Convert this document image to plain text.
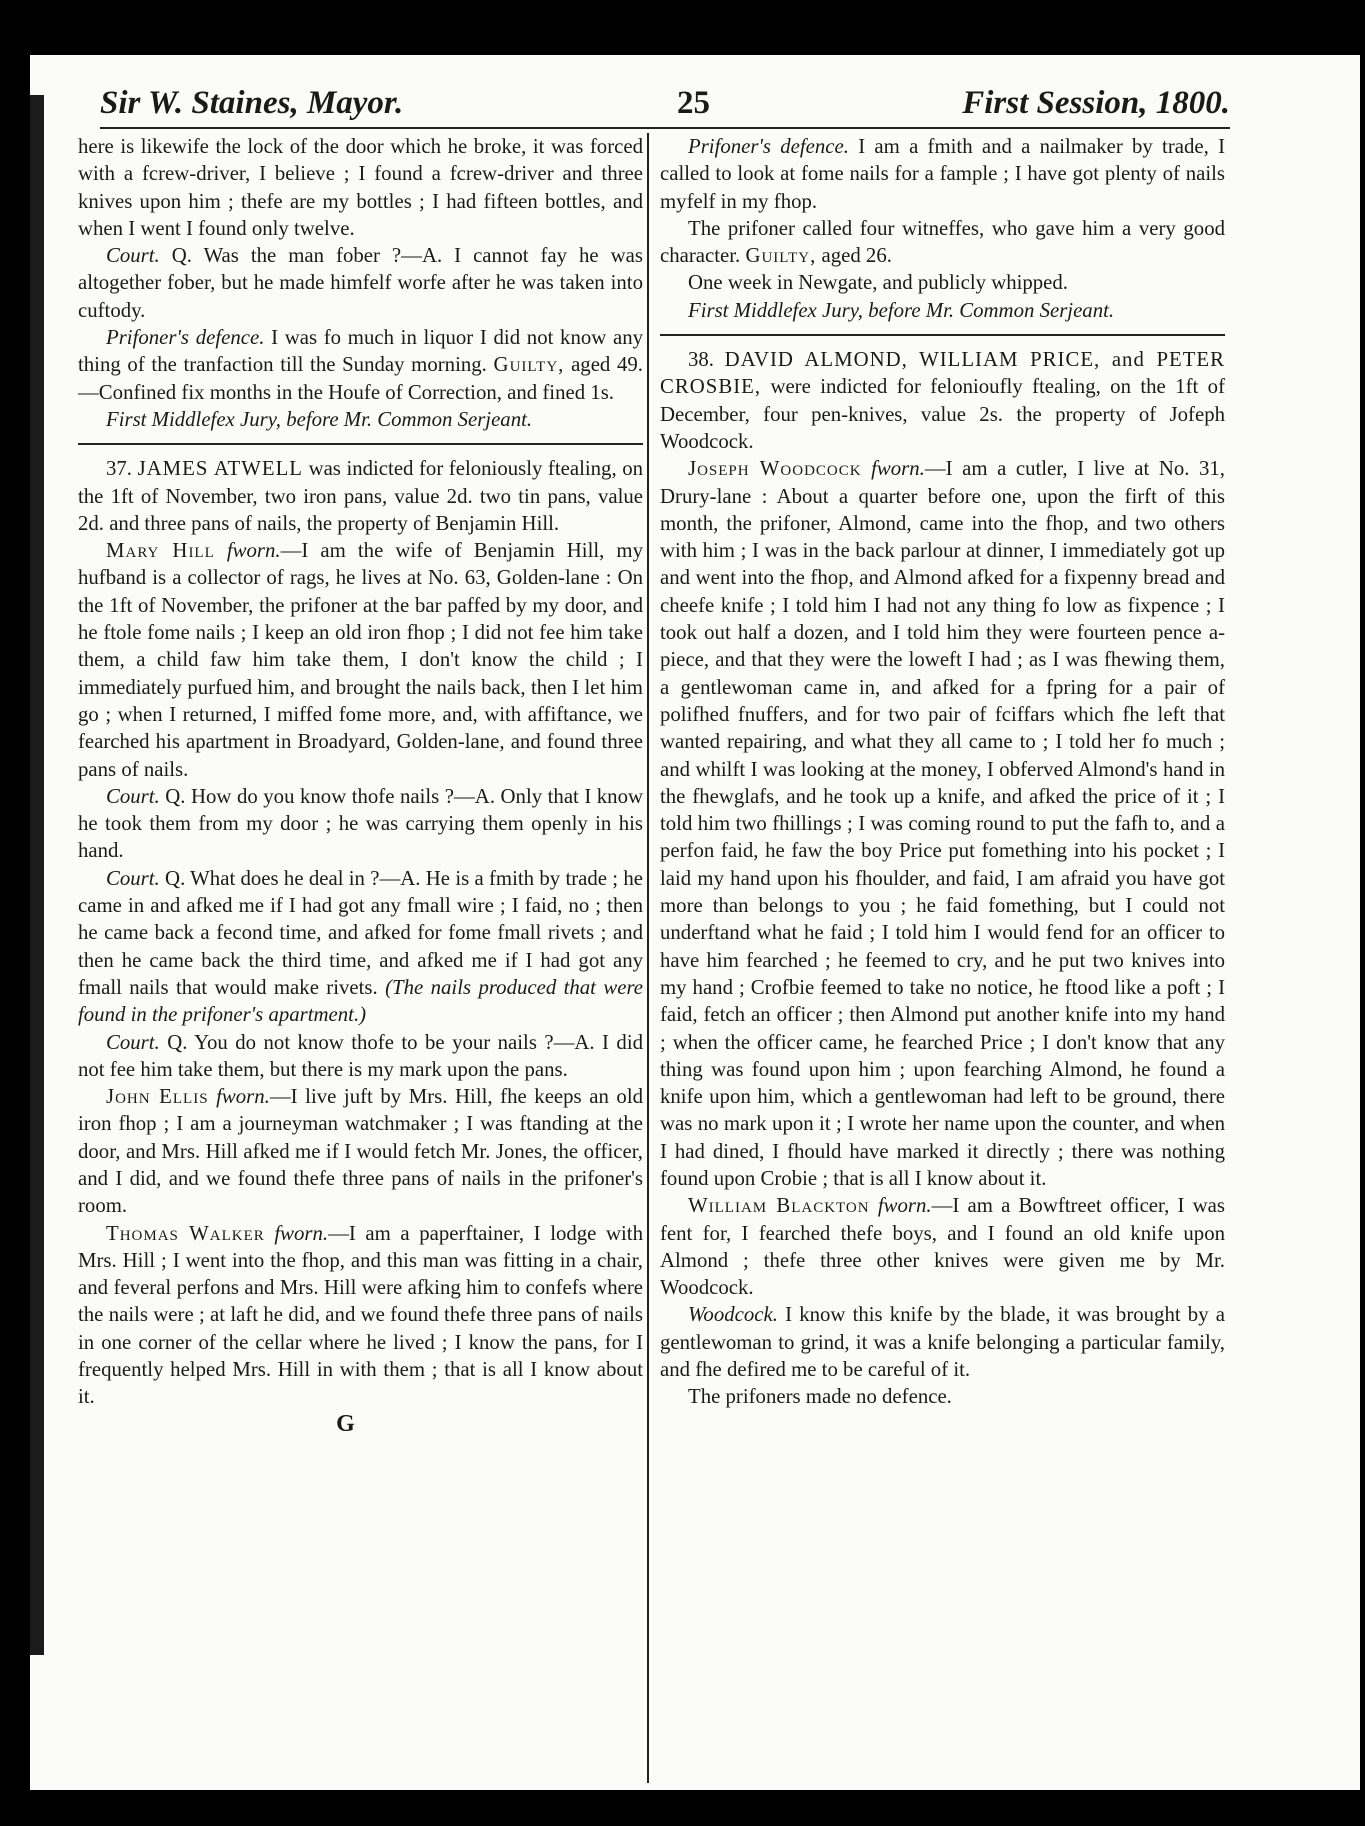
Sir W. Staines, Mayor.	25	First Session, 1800.

here is likewife the lock of the door which he broke, it was forced with a fcrew-driver, I believe ; I found a fcrew-driver and three knives upon him ; thefe are my bottles ; I had fifteen bottles, and when I went I found only twelve.

Court. Q. Was the man fober ?—A. I cannot fay he was altogether fober, but he made himfelf worfe after he was taken into cuftody.

Prifoner's defence. I was fo much in liquor I did not know any thing of the tranfaction till the Sunday morning. Guilty, aged 49.—Confined fix months in the Houfe of Correction, and fined 1s.

First Middlefex Jury, before Mr. Common Serjeant.

37. JAMES ATWELL was indicted for feloniously ftealing, on the 1ft of November, two iron pans, value 2d. two tin pans, value 2d. and three pans of nails, the property of Benjamin Hill.

Mary Hill fworn.—I am the wife of Benjamin Hill, my hufband is a collector of rags, he lives at No. 63, Golden-lane : On the 1ft of November, the prifoner at the bar paffed by my door, and he ftole fome nails ; I keep an old iron fhop ; I did not fee him take them, a child faw him take them, I don't know the child ; I immediately purfued him, and brought the nails back, then I let him go ; when I returned, I miffed fome more, and, with affiftance, we fearched his apartment in Broadyard, Golden-lane, and found three pans of nails.

Court. Q. How do you know thofe nails ?—A. Only that I know he took them from my door ; he was carrying them openly in his hand.

Court. Q. What does he deal in ?—A. He is a fmith by trade ; he came in and afked me if I had got any fmall wire ; I faid, no ; then he came back a fecond time, and afked for fome fmall rivets ; and then he came back the third time, and afked me if I had got any fmall nails that would make rivets. (The nails produced that were found in the prifoner's apartment.)

Court. Q. You do not know thofe to be your nails ?—A. I did not fee him take them, but there is my mark upon the pans.

John Ellis fworn.—I live juft by Mrs. Hill, fhe keeps an old iron fhop ; I am a journeyman watchmaker ; I was ftanding at the door, and Mrs. Hill afked me if I would fetch Mr. Jones, the officer, and I did, and we found thefe three pans of nails in the prifoner's room.

Thomas Walker fworn.—I am a paperftainer, I lodge with Mrs. Hill ; I went into the fhop, and this man was fitting in a chair, and feveral perfons and Mrs. Hill were afking him to confefs where the nails were ; at laft he did, and we found thefe three pans of nails in one corner of the cellar where he lived ; I know the pans, for I frequently helped Mrs. Hill in with them ; that is all I know about it.

G

Prifoner's defence. I am a fmith and a nailmaker by trade, I called to look at fome nails for a fample ; I have got plenty of nails myfelf in my fhop.

The prifoner called four witneffes, who gave him a very good character. Guilty, aged 26.

One week in Newgate, and publicly whipped.

First Middlefex Jury, before Mr. Common Serjeant.

38. DAVID ALMOND, WILLIAM PRICE, and PETER CROSBIE, were indicted for felonioufly ftealing, on the 1ft of December, four pen-knives, value 2s. the property of Jofeph Woodcock.

Joseph Woodcock fworn.—I am a cutler, I live at No. 31, Drury-lane : About a quarter before one, upon the firft of this month, the prifoner, Almond, came into the fhop, and two others with him ; I was in the back parlour at dinner, I immediately got up and went into the fhop, and Almond afked for a fixpenny bread and cheefe knife ; I told him I had not any thing fo low as fixpence ; I took out half a dozen, and I told him they were fourteen pence a-piece, and that they were the loweft I had ; as I was fhewing them, a gentlewoman came in, and afked for a fpring for a pair of polifhed fnuffers, and for two pair of fciffars which fhe left that wanted repairing, and what they all came to ; I told her fo much ; and whilft I was looking at the money, I obferved Almond's hand in the fhewglafs, and he took up a knife, and afked the price of it ; I told him two fhillings ; I was coming round to put the fafh to, and a perfon faid, he faw the boy Price put fomething into his pocket ; I laid my hand upon his fhoulder, and faid, I am afraid you have got more than belongs to you ; he faid fomething, but I could not underftand what he faid ; I told him I would fend for an officer to have him fearched ; he feemed to cry, and he put two knives into my hand ; Crofbie feemed to take no notice, he ftood like a poft ; I faid, fetch an officer ; then Almond put another knife into my hand ; when the officer came, he fearched Price ; I don't know that any thing was found upon him ; upon fearching Almond, he found a knife upon him, which a gentlewoman had left to be ground, there was no mark upon it ; I wrote her name upon the counter, and when I had dined, I fhould have marked it directly ; there was nothing found upon Crobie ; that is all I know about it.

William Blackton fworn.—I am a Bowftreet officer, I was fent for, I fearched thefe boys, and I found an old knife upon Almond ; thefe three other knives were given me by Mr. Woodcock.

Woodcock. I know this knife by the blade, it was brought by a gentlewoman to grind, it was a knife belonging a particular family, and fhe defired me to be careful of it.

The prifoners made no defence.
